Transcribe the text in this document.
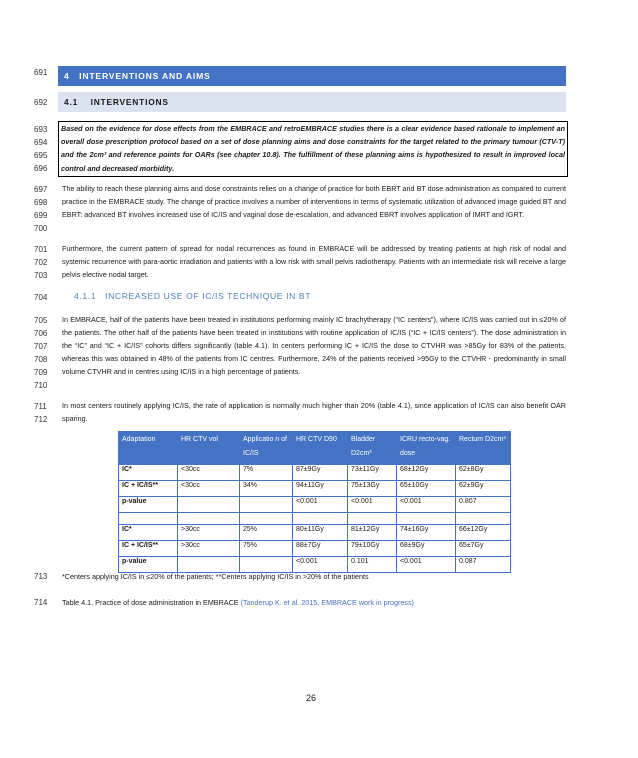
691
692
693
694
695
696
697
698
699
700
701
702
703
704
705
706
707
708
709
710
711
712
713
714
4 INTERVENTIONS AND AIMS
4.1 INTERVENTIONS
Based on the evidence for dose effects from the EMBRACE and retroEMBRACE studies there is a clear evidence based rationale to implement an overall dose prescription protocol based on a set of dose planning aims and dose constraints for the target related to the primary tumour (CTV-T) and the 2cm³ and reference points for OARs (see chapter 10.8). The fulfillment of these planning aims is hypothesized to result in improved local control and decreased morbidity.
The ability to reach these planning aims and dose constraints relies on a change of practice for both EBRT and BT dose administration as compared to current practice in the EMBRACE study. The change of practice involves a number of interventions in terms of systematic utilization of advanced image guided BT and EBRT: advanced BT involves increased use of IC/IS and vaginal dose de-escalation, and advanced EBRT involves application of IMRT and IGRT.
Furthermore, the current pattern of spread for nodal recurrences as found in EMBRACE will be addressed by treating patients at high risk of nodal and systemic recurrence with para-aortic irradiation and patients with a low risk with small pelvis radiotherapy. Patients with an intermediate risk will receive a large pelvis elective nodal target.
4.1.1 INCREASED USE OF IC/IS TECHNIQUE IN BT
In EMBRACE, half of the patients have been treated in institutions performing mainly IC brachytherapy (“IC centers”), where IC/IS was carried out in ≤20% of the patients. The other half of the patients have been treated in institutions with routine application of IC/IS (“IC + IC/IS centers”). The dose administration in the “IC” and “IC + IC/IS” cohorts differs significantly (table 4.1). In centers performing IC + IC/IS the dose to CTVHR was >85Gy for 83% of the patients, whereas this was obtained in 48% of the patients from IC centres. Furthermore, 24% of the patients received >95Gy to the CTVHR - predominantly in small volume CTVHR and in centres using IC/IS in a high percentage of patients.
In most centers routinely applying IC/IS, the rate of application is normally much higher than 20% (table 4.1), since application of IC/IS can also benefit OAR sparing.
Adaptation	HR CTV vol	Applicatio n of IC/IS	HR CTV D90	Bladder D2cm³	ICRU recto-vag. dose	Rectum D2cm³
IC*	<30cc	7%	87±9Gy	73±11Gy	68±12Gy	62±8Gy
IC + IC/IS**	<30cc	34%	94±11Gy	75±13Gy	65±10Gy	62±9Gy
p-value			<0.001	<0.001	<0.001	0.807

IC*	>30cc	25%	80±11Gy	81±12Gy	74±16Gy	66±12Gy
IC + IC/IS**	>30cc	75%	88±7Gy	79±10Gy	68±9Gy	65±7Gy
p-value			<0.001	0.101	<0.001	0.087
*Centers applying IC/IS in ≤20% of the patients; **Centers applying IC/IS in >20% of the patients
Table 4.1. Practice of dose administration in EMBRACE (Tanderup K. et al. 2015, EMBRACE work in progress)
26
